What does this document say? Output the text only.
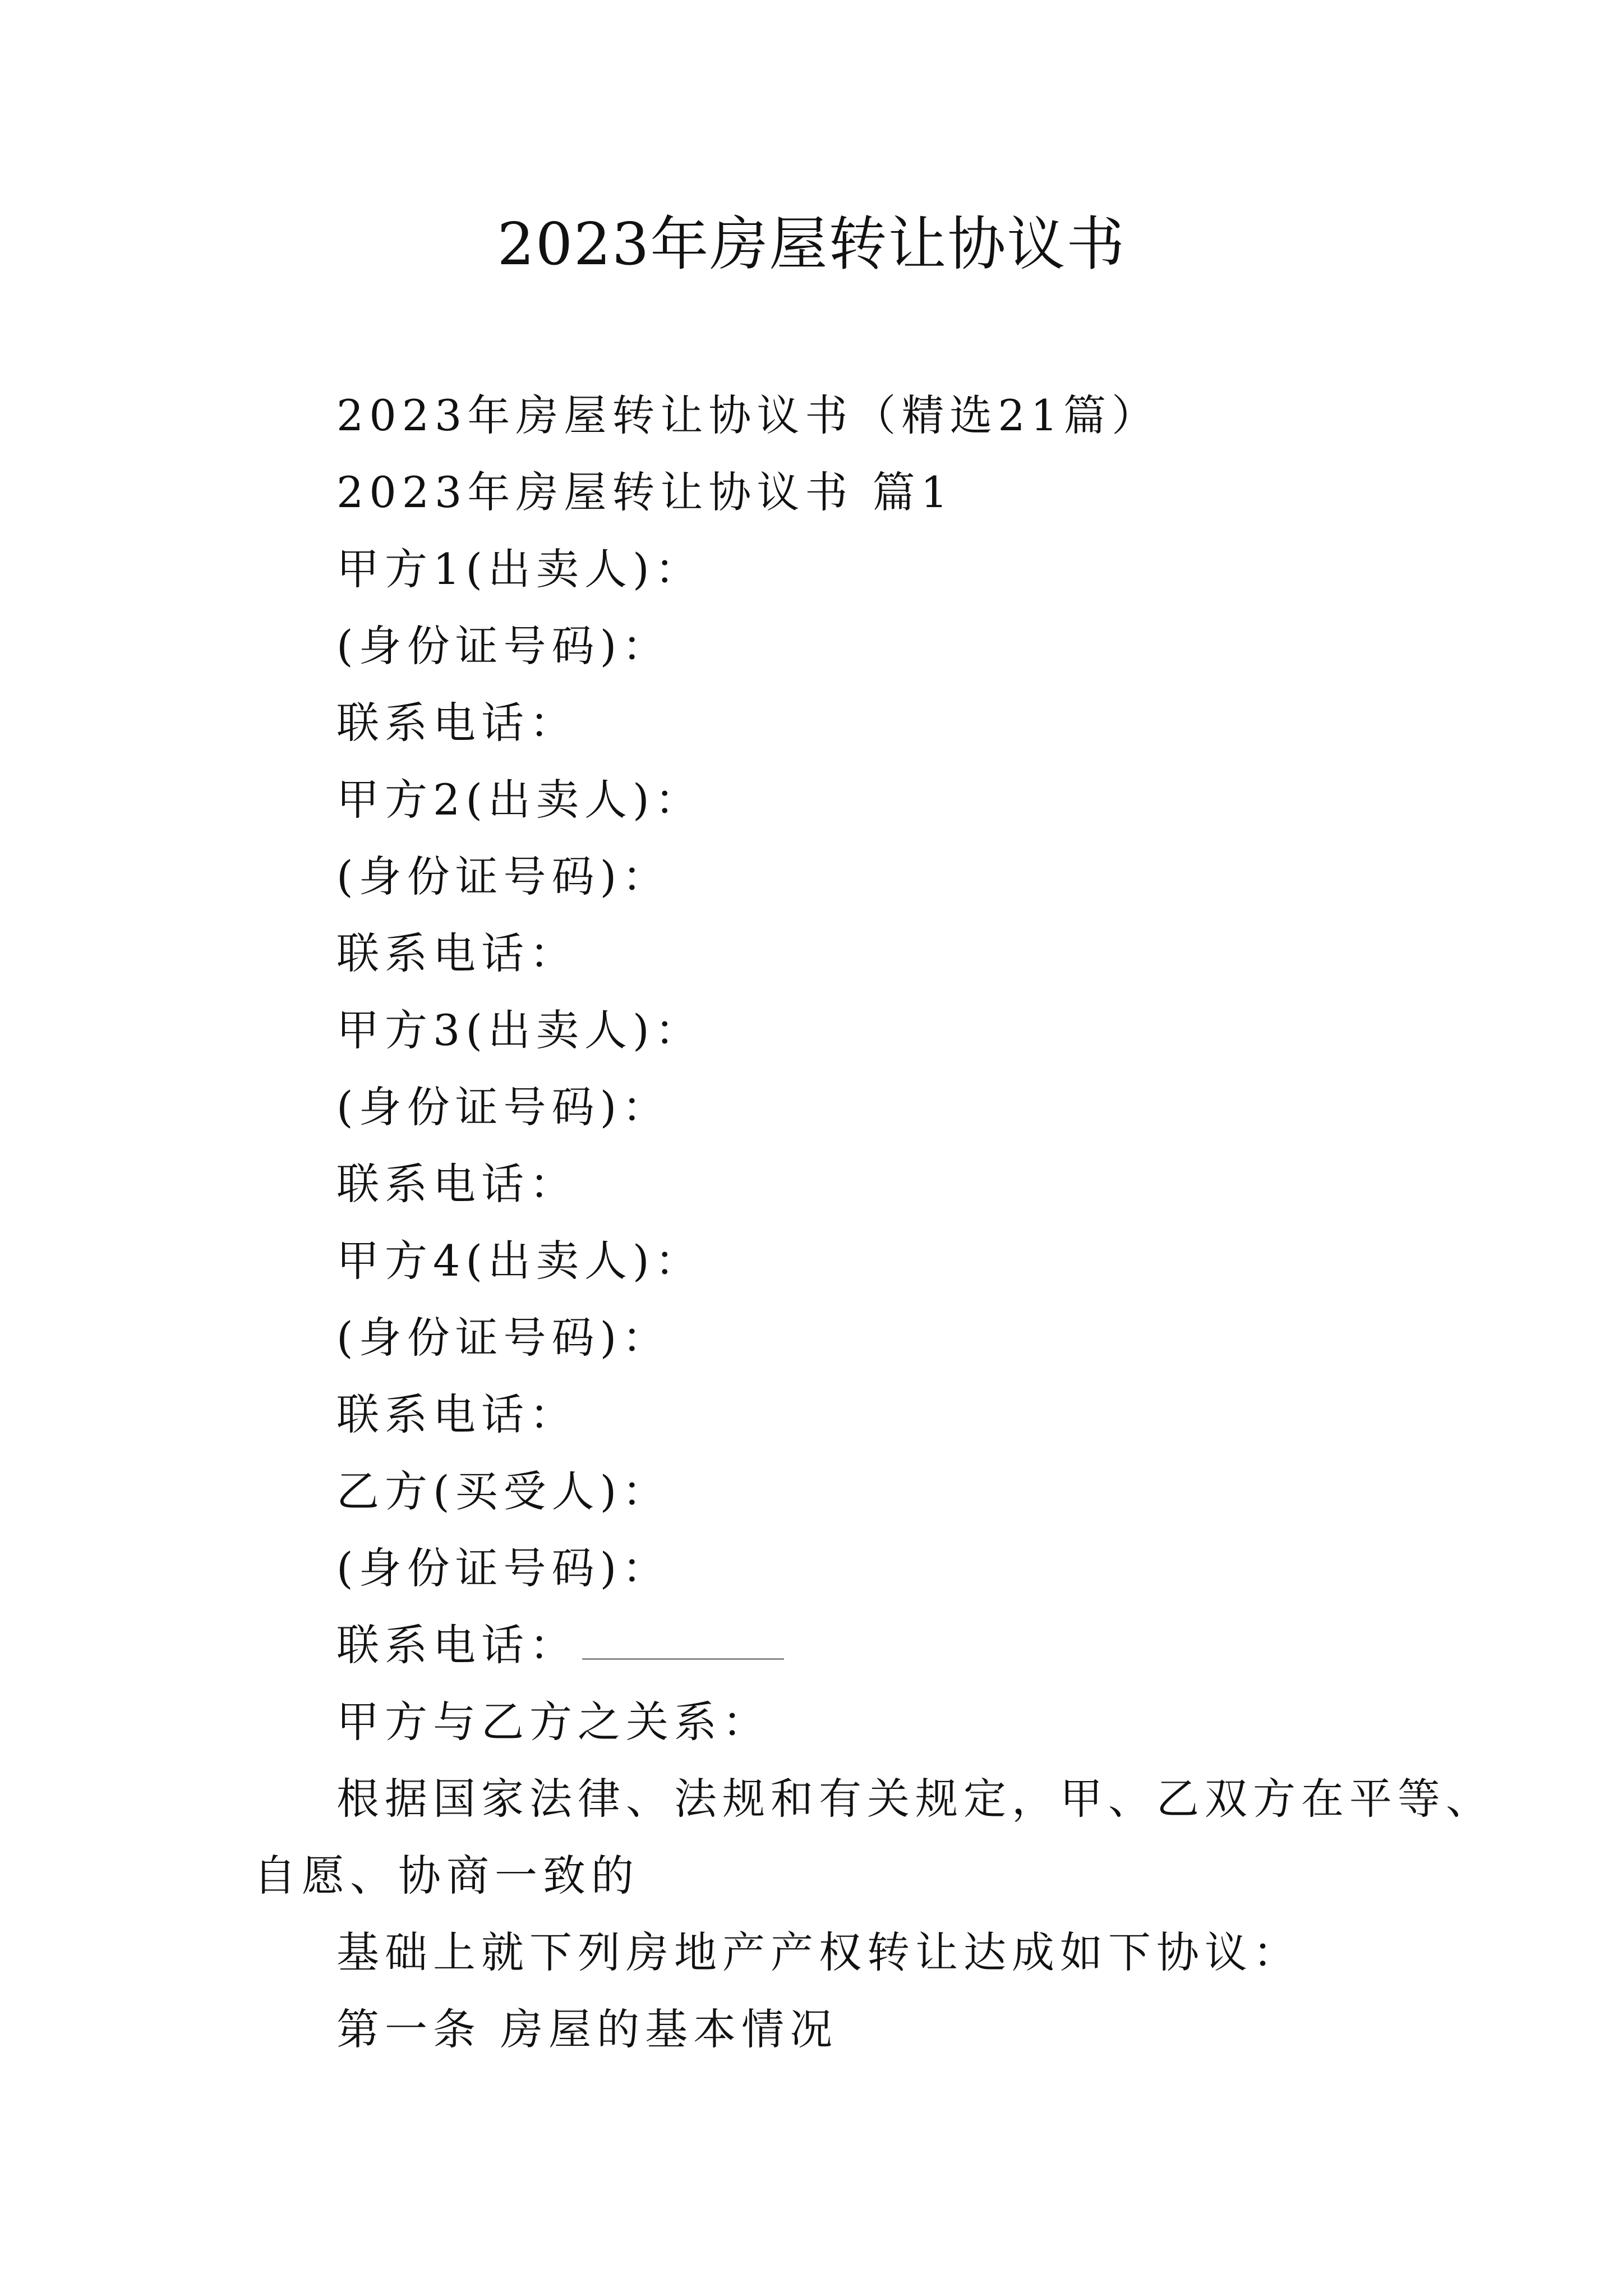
2023年房屋转让协议书
2023年房屋转让协议书（精选21篇）
2023年房屋转让协议书 篇1
甲方1(出卖人)：
(身份证号码)：
联系电话：
甲方2(出卖人)：
(身份证号码)：
联系电话：
甲方3(出卖人)：
(身份证号码)：
联系电话：
甲方4(出卖人)：
(身份证号码)：
联系电话：
乙方(买受人)：
(身份证号码)：
联系电话：
甲方与乙方之关系：
根据国家法律、法规和有关规定，甲、乙双方在平等、
自愿、协商一致的
基础上就下列房地产产权转让达成如下协议：
第一条 房屋的基本情况
